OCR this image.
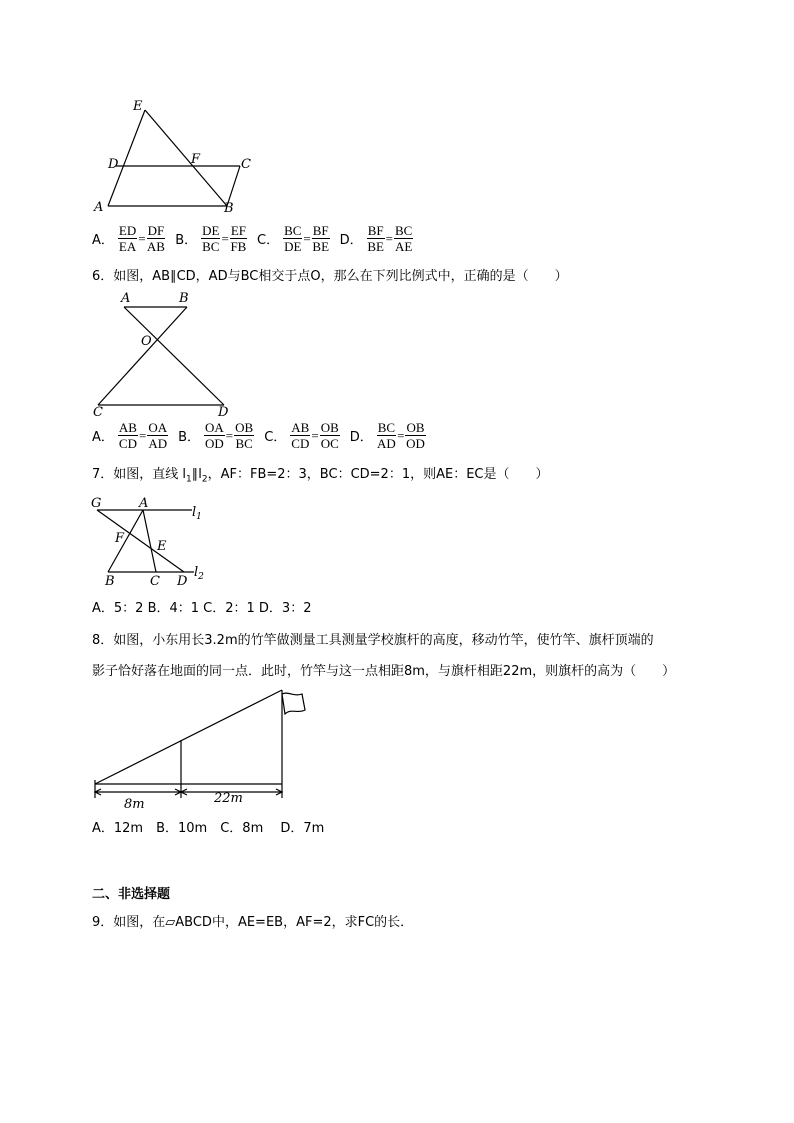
E
D	F	C
A	B
A． $\frac{ED}{EA} = \frac{DF}{AB}$ B． $\frac{DE}{BC} = \frac{EF}{FB}$ C． $\frac{BC}{DE} = \frac{BF}{BE}$ D． $\frac{BF}{BE} = \frac{BC}{AE}$
6．如图，AB∥CD，AD与BC相交于点O，那么在下列比例式中，正确的是（　　）
A	B
O
C	D
A． $\frac{AB}{CD} = \frac{OA}{AD}$ B． $\frac{OA}{OD} = \frac{OB}{BC}$ C． $\frac{AB}{CD} = \frac{OB}{OC}$ D． $\frac{BC}{AD} = \frac{OB}{OD}$
7．如图，直线 $l_1\parallel l_2$，AF：FB=2：3，BC：CD=2：1，则AE：EC是（　　）
G	A
$l_1$
F
E
B	C D
$l_2$
A．5：2 B．4：1 C．2：1 D．3：2
8．如图，小东用长3.2m的竹竿做测量工具测量学校旗杆的高度，移动竹竿，使竹竿、旗杆顶端的
影子恰好落在地面的同一点．此时，竹竿与这一点相距8m，与旗杆相距22m，则旗杆的高为（　　）
8m	22m
A．12m　B．10m　C．8m　 D．7m
二、非选择题
9．如图，在▱ABCD中，AE=EB，AF=2，求FC的长．
